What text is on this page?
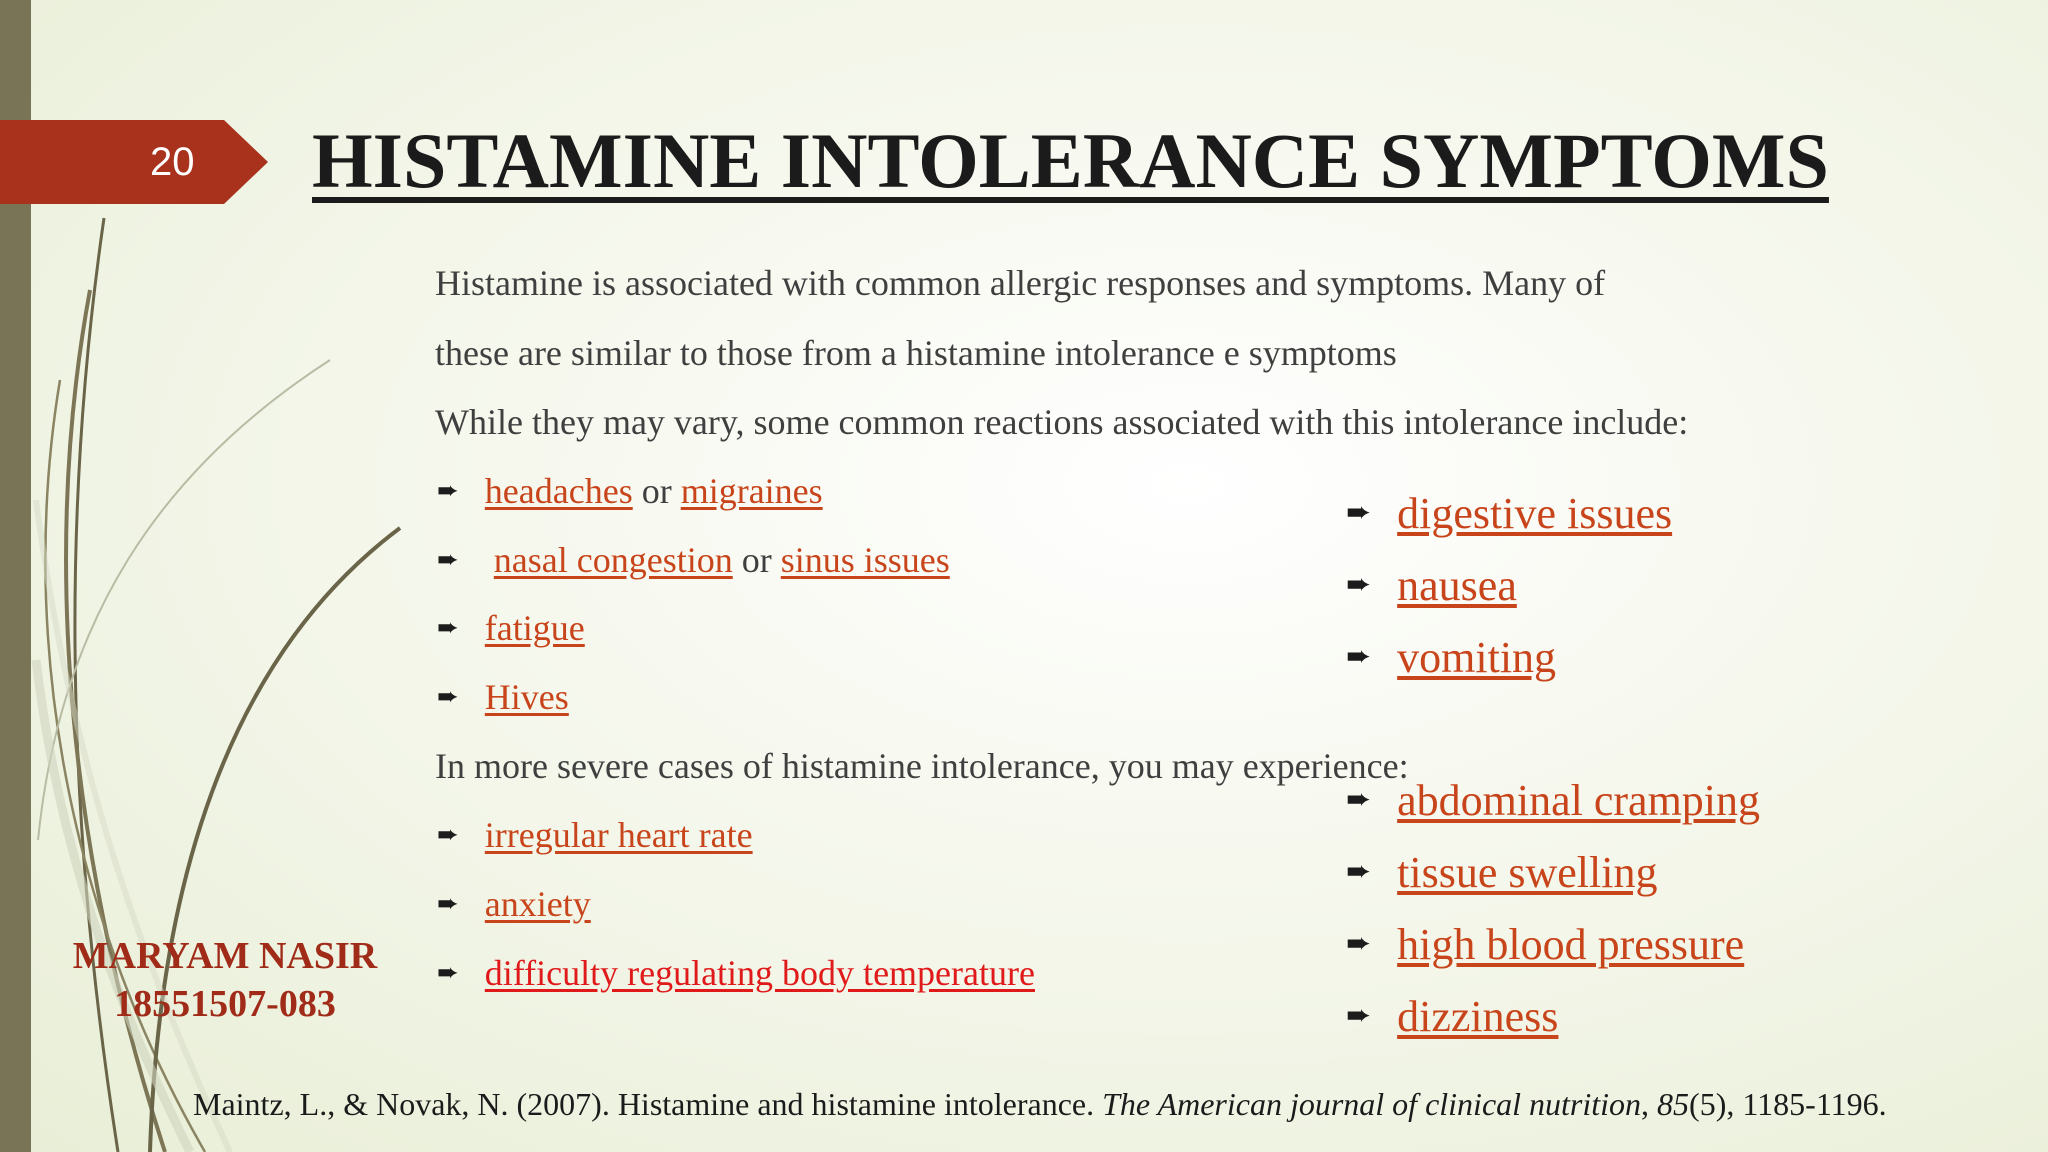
20 HISTAMINE INTOLERANCE SYMPTOMS
Histamine is associated with common allergic responses and symptoms. Many of
these are similar to those from a histamine intolerance e symptoms
While they may vary, some common reactions associated with this intolerance include:
➨ headaches or migraines
➨ nasal congestion or sinus issues
➨ fatigue
➨ Hives
➨ digestive issues
➨ nausea
➨ vomiting
In more severe cases of histamine intolerance, you may experience:
➨ irregular heart rate
➨ anxiety
➨ difficulty regulating body temperature
➨ abdominal cramping
➨ tissue swelling
➨ high blood pressure
➨ dizziness
MARYAM NASIR
18551507-083
Maintz, L., & Novak, N. (2007). Histamine and histamine intolerance. The American journal of clinical nutrition, 85(5), 1185-1196.
